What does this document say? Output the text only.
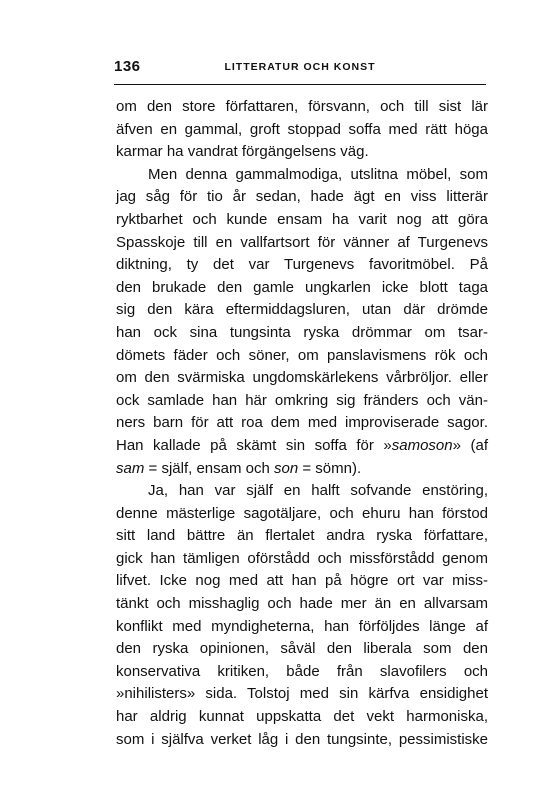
136	LITTERATUR OCH KONST
om den store författaren, försvann, och till sist lär
äfven en gammal, groft stoppad soffa med rätt höga
karmar ha vandrat förgängelsens väg.
Men denna gammalmodiga, utslitna möbel, som
jag såg för tio år sedan, hade ägt en viss litterär
ryktbarhet och kunde ensam ha varit nog att göra
Spasskoje till en vallfartsort för vänner af Turgenevs
diktning, ty det var Turgenevs favoritmöbel. På
den brukade den gamle ungkarlen icke blott taga
sig den kära eftermiddagsluren, utan där drömde
han ock sina tungsinta ryska drömmar om tsar-
dömets fäder och söner, om panslavismens rök och
om den svärmiska ungdomskärlekens vårbröljor. eller
ock samlade han här omkring sig fränders och vän-
ners barn för att roa dem med improviserade sagor.
Han kallade på skämt sin soffa för »samoson» (af
sam = själf, ensam och son = sömn).
Ja, han var själf en halft sofvande enstöring,
denne mästerlige sagotäljare, och ehuru han förstod
sitt land bättre än flertalet andra ryska författare,
gick han tämligen oförstådd och missförstådd genom
lifvet. Icke nog med att han på högre ort var miss-
tänkt och misshaglig och hade mer än en allvarsam
konflikt med myndigheterna, han förföljdes länge af
den ryska opinionen, såväl den liberala som den
konservativa kritiken, både från slavofilers och
»nihilisters» sida. Tolstoj med sin kärfva ensidighet
har aldrig kunnat uppskatta det vekt harmoniska,
som i själfva verket låg i den tungsinte, pessimistiske
